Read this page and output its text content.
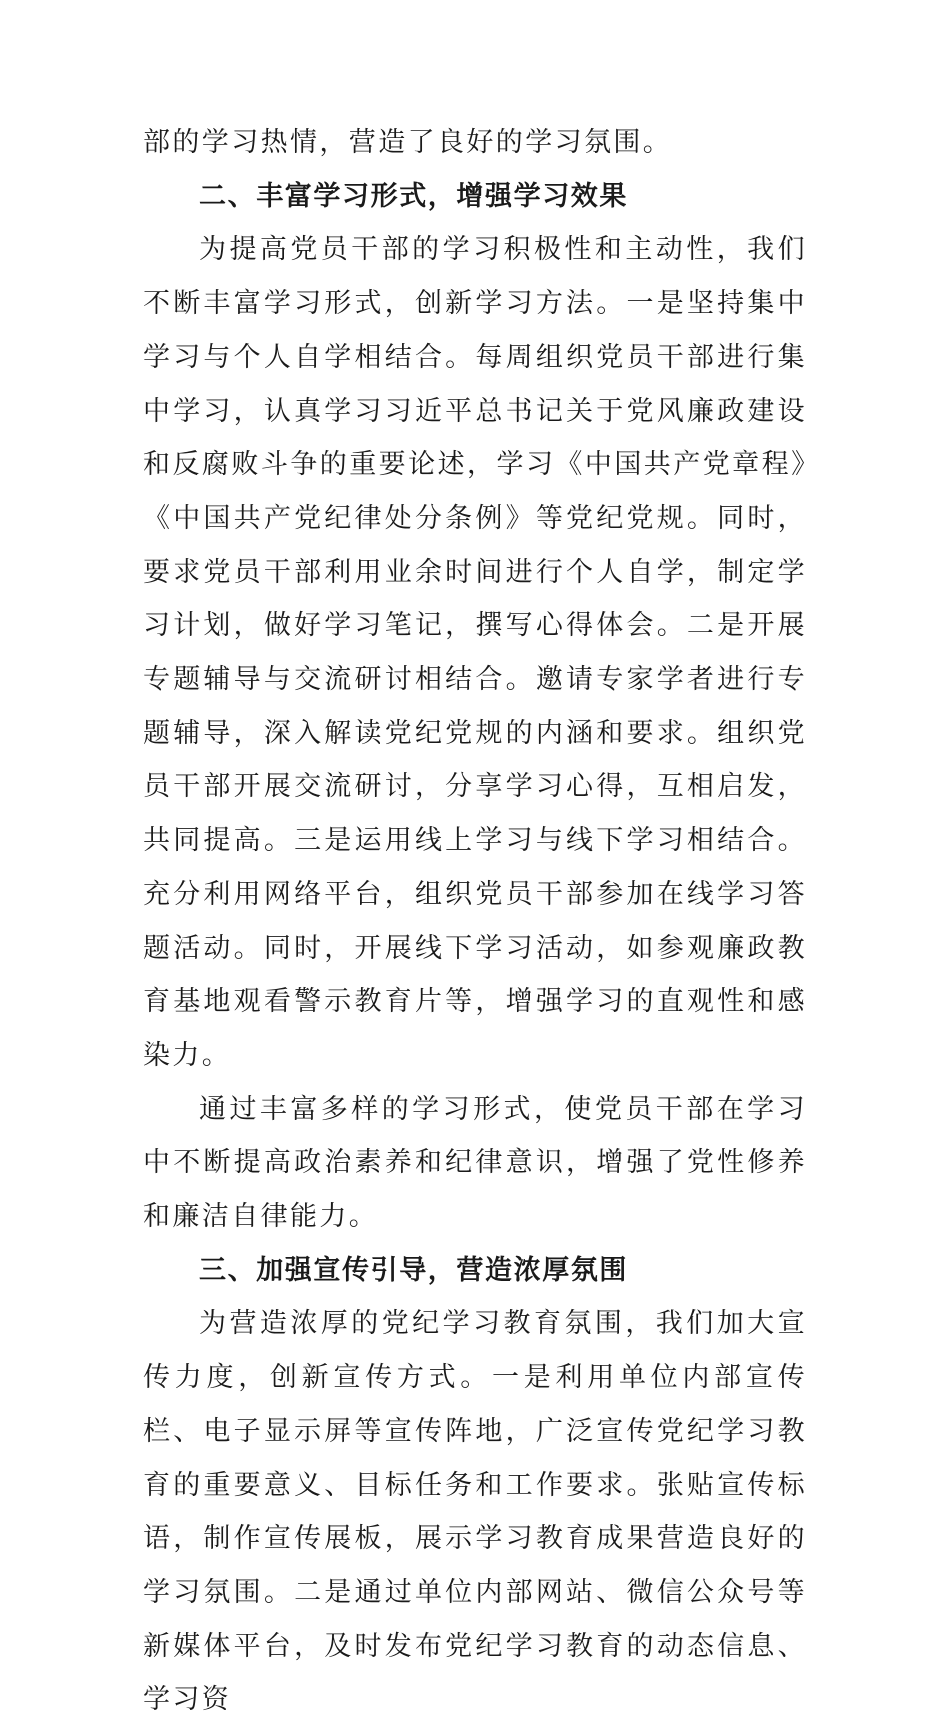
部的学习热情，营造了良好的学习氛围。

二、丰富学习形式，增强学习效果

为提高党员干部的学习积极性和主动性，我们不断丰富学习形式，创新学习方法。一是坚持集中学习与个人自学相结合。每周组织党员干部进行集中学习，认真学习习近平总书记关于党风廉政建设和反腐败斗争的重要论述，学习《中国共产党章程》《中国共产党纪律处分条例》等党纪党规。同时，要求党员干部利用业余时间进行个人自学，制定学习计划，做好学习笔记，撰写心得体会。二是开展专题辅导与交流研讨相结合。邀请专家学者进行专题辅导，深入解读党纪党规的内涵和要求。组织党员干部开展交流研讨，分享学习心得，互相启发，共同提高。三是运用线上学习与线下学习相结合。充分利用网络平台，组织党员干部参加在线学习答题活动。同时，开展线下学习活动，如参观廉政教育基地观看警示教育片等，增强学习的直观性和感染力。

通过丰富多样的学习形式，使党员干部在学习中不断提高政治素养和纪律意识，增强了党性修养和廉洁自律能力。

三、加强宣传引导，营造浓厚氛围

为营造浓厚的党纪学习教育氛围，我们加大宣传力度，创新宣传方式。一是利用单位内部宣传栏、电子显示屏等宣传阵地，广泛宣传党纪学习教育的重要意义、目标任务和工作要求。张贴宣传标语，制作宣传展板，展示学习教育成果营造良好的学习氛围。二是通过单位内部网站、微信公众号等新媒体平台，及时发布党纪学习教育的动态信息、学习资
